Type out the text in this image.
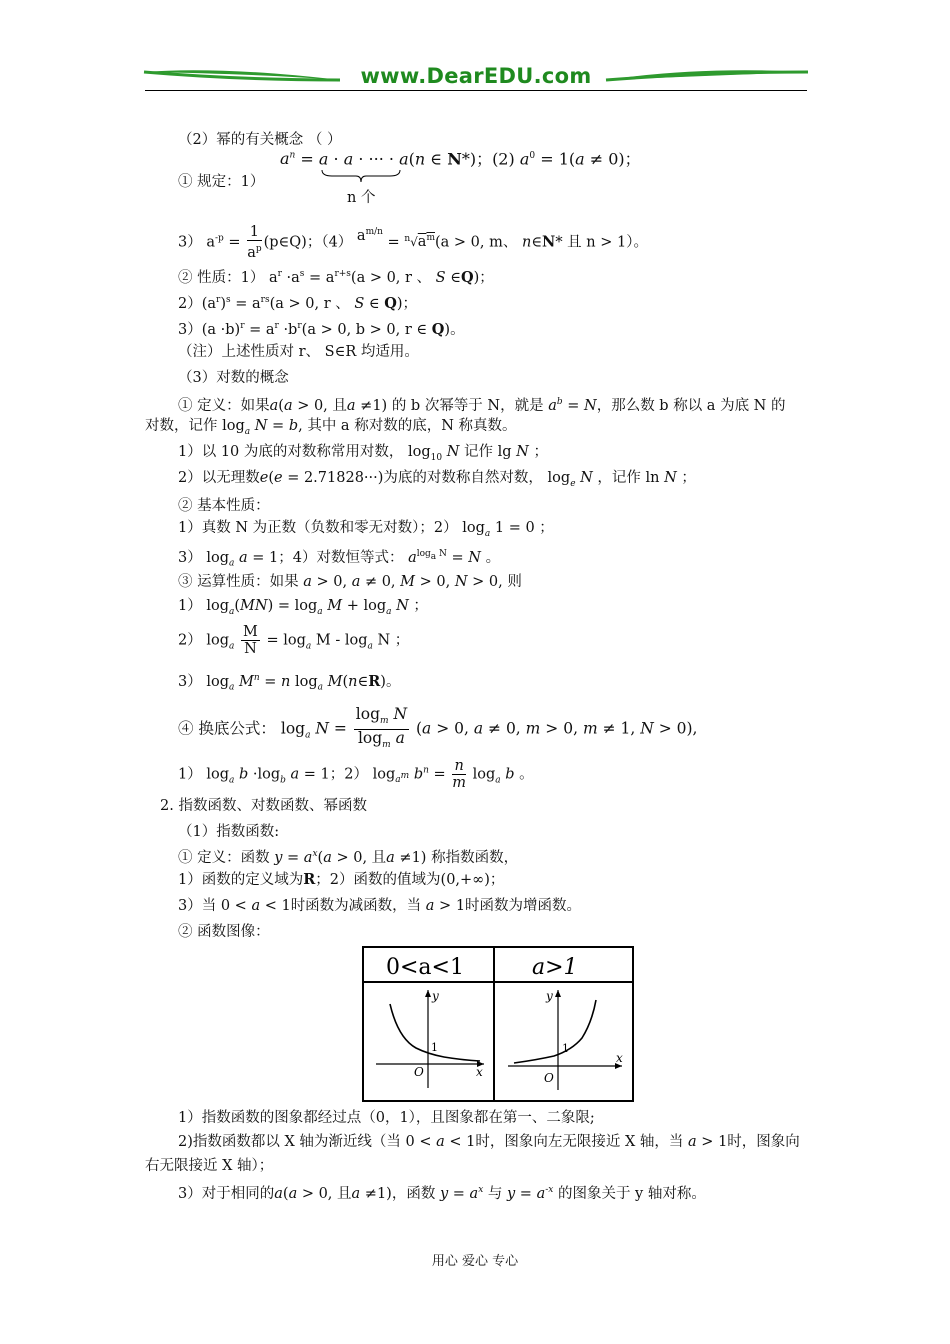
www.DearEDU.com
（2）幂的有关概念 （ ）
① 规定：1）
$a^n = a \cdot a$ · ··· · a(n ∈ N*)；(2) $a^0 = 1(a \ne 0)$；
n 个
3） $a^{-p} = \frac{1}{a^p}$ (p∈Q)；（4） $a^{m/n} = ^n√a^m(a > 0$, m、 n∈N* 且 n > 1）。
② 性质：1） $a^r \cdot a^s = a^{r+s}(a > 0$, r 、 S ∈Q)；
$2)(a^r)^s = a^{rs}(a > 0$, r 、 S ∈ Q)；
$3)(a \cdot b)^r = a^r \cdot b^r(a > 0$, b > 0, r ∈ Q)。
（注）上述性质对 r、 S∈R 均适用。
（3）对数的概念
① 定义：如果a(a > 0, 且a ≠1) 的 b 次幂等于 N，就是 $a^b = N$，那么数 b 称以 a 为底 N 的
对数，记作 $\log_a N = b$, 其中 a 称对数的底，N 称真数。
1）以 10 为底的对数称常用对数， $\log_{10} N$ 记作 lg N ；
2）以无理数e(e = 2.71828···)为底的对数称自然对数， $\log_e N$ ，记作 ln N ；
② 基本性质：
1）真数 N 为正数（负数和零无对数）；2） $\log_a 1 = 0$ ；
3） $\log_a a = 1$；4）对数恒等式： $a^{log_a N} = N$ 。
③ 运算性质：如果 a > 0, a ≠ 0, M > 0, N > 0, 则
1） $\log_a(MN) = \log_a M + \log_a N$ ；
2） $\log_a \frac{M}{N} = \log_a M - \log_a N$ ；
3） $\log_a M^n = n$ $\log_a$ M(n∈R)。
④ 换底公式： $\log_a N = \frac{\log_m N}{\log_m a} (a > 0$, a ≠ 0, m > 0, m ≠ 1, N > 0),
1） $\log_a b \cdot\log_b$ a = 1；2） $\log_{a^m} b^n = \frac{n}{m} \log_a b$ 。
2. 指数函数、对数函数、幂函数
（1）指数函数:
① 定义：函数 $y = a^x(a > 0$, 且a ≠1) 称指数函数，
1）函数的定义域为R；2）函数的值域为(0,+∞)；
3）当 0 < a < 1时函数为减函数，当 a > 1时函数为增函数。
② 函数图像：
0<a<1	a>1
y
x
O
1
y
x
O
1
1）指数函数的图象都经过点（0，1），且图象都在第一、二象限;
2)指数函数都以 X 轴为渐近线（当 0 < a < 1时，图象向左无限接近 X 轴，当 a > 1时，图象向
右无限接近 X 轴）；
3）对于相同的a(a > 0, 且a ≠1)，函数 $y = a^x$ 与 $y = a^{-x}$ 的图象关于 y 轴对称。
用心 爱心 专心
